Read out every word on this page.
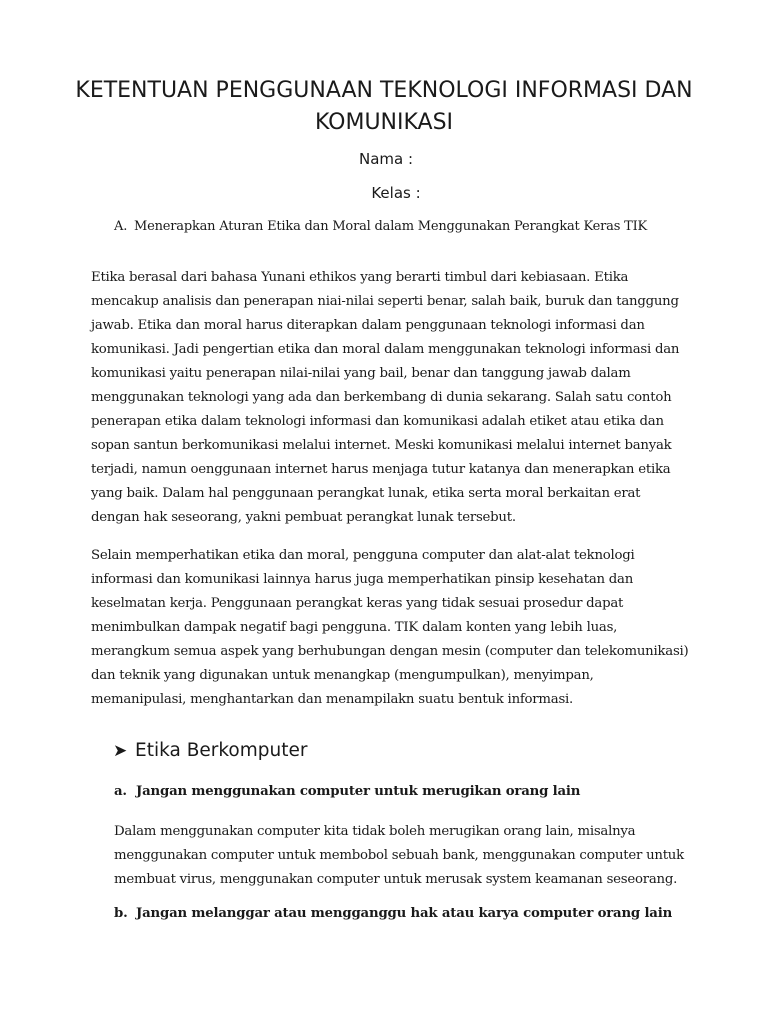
KETENTUAN PENGGUNAAN TEKNOLOGI INFORMASI DAN KOMUNIKASI
Nama :
Kelas :
A. Menerapkan Aturan Etika dan Moral dalam Menggunakan Perangkat Keras TIK

Etika berasal dari bahasa Yunani ethikos yang berarti timbul dari kebiasaan. Etika mencakup analisis dan penerapan niai-nilai seperti benar, salah baik, buruk dan tanggung jawab. Etika dan moral harus diterapkan dalam penggunaan teknologi informasi dan komunikasi. Jadi pengertian etika dan moral dalam menggunakan teknologi informasi dan komunikasi yaitu penerapan nilai-nilai yang bail, benar dan tanggung jawab dalam menggunakan teknologi yang ada dan berkembang di dunia sekarang. Salah satu contoh penerapan etika dalam teknologi informasi dan komunikasi adalah etiket atau etika dan sopan santun berkomunikasi melalui internet. Meski komunikasi melalui internet banyak terjadi, namun oenggunaan internet harus menjaga tutur katanya dan menerapkan etika yang baik. Dalam hal penggunaan perangkat lunak, etika serta moral berkaitan erat dengan hak seseorang, yakni pembuat perangkat lunak tersebut.

Selain memperhatikan etika dan moral, pengguna computer dan alat-alat teknologi informasi dan komunikasi lainnya harus juga memperhatikan pinsip kesehatan dan keselmatan kerja. Penggunaan perangkat keras yang tidak sesuai prosedur dapat menimbulkan dampak negatif bagi pengguna. TIK dalam konten yang lebih luas, merangkum semua aspek yang berhubungan dengan mesin (computer dan telekomunikasi) dan teknik yang digunakan untuk menangkap (mengumpulkan), menyimpan, memanipulasi, menghantarkan dan menampilakn suatu bentuk informasi.

➤ Etika Berkomputer
a. Jangan menggunakan computer untuk merugikan orang lain

Dalam menggunakan computer kita tidak boleh merugikan orang lain, misalnya menggunakan computer untuk membobol sebuah bank, menggunakan computer untuk membuat virus, menggunakan computer untuk merusak system keamanan seseorang.

b. Jangan melanggar atau mengganggu hak atau karya computer orang lain
